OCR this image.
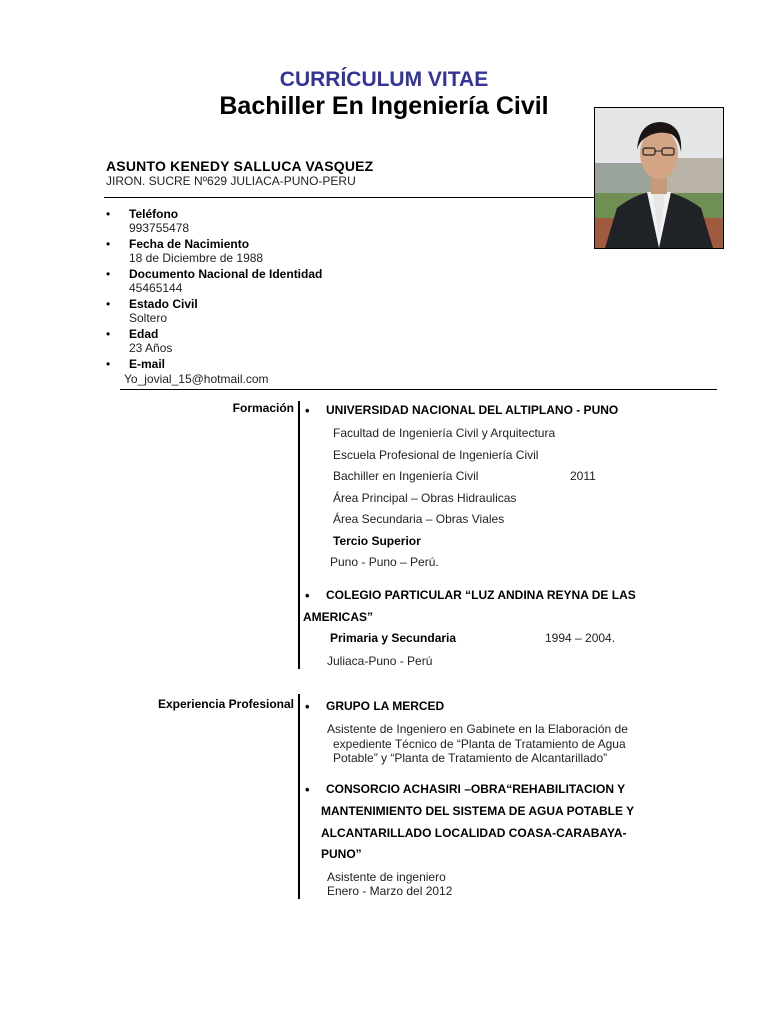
CURRÍCULUM VITAE
Bachiller En Ingeniería Civil
ASUNTO KENEDY SALLUCA VASQUEZ
JIRON. SUCRE Nº629 JULIACA-PUNO-PERU
• Teléfono
993755478
• Fecha de Nacimiento
18 de Diciembre de 1988
• Documento Nacional de Identidad
45465144
• Estado Civil
Soltero
• Edad
23 Años
• E-mail
Yo_jovial_15@hotmail.com
Formación • UNIVERSIDAD NACIONAL DEL ALTIPLANO - PUNO
Facultad de Ingeniería Civil y Arquitectura
Escuela Profesional de Ingeniería Civil
Bachiller en Ingeniería Civil	2011
Área Principal – Obras Hidraulicas
Área Secundaria – Obras Viales
Tercio Superior
Puno - Puno – Perú.
• COLEGIO PARTICULAR “LUZ ANDINA REYNA DE LAS
AMERICAS”
Primaria y Secundaria	1994 – 2004.
Juliaca-Puno - Perú
Experiencia Profesional • GRUPO LA MERCED
Asistente de Ingeniero en Gabinete en la Elaboración de
expediente Técnico de “Planta de Tratamiento de Agua
Potable” y “Planta de Tratamiento de Alcantarillado”
• CONSORCIO ACHASIRI –OBRA“REHABILITACION Y
MANTENIMIENTO DEL SISTEMA DE AGUA POTABLE Y
ALCANTARILLADO LOCALIDAD COASA-CARABAYA-
PUNO”
Asistente de ingeniero
Enero - Marzo del 2012
